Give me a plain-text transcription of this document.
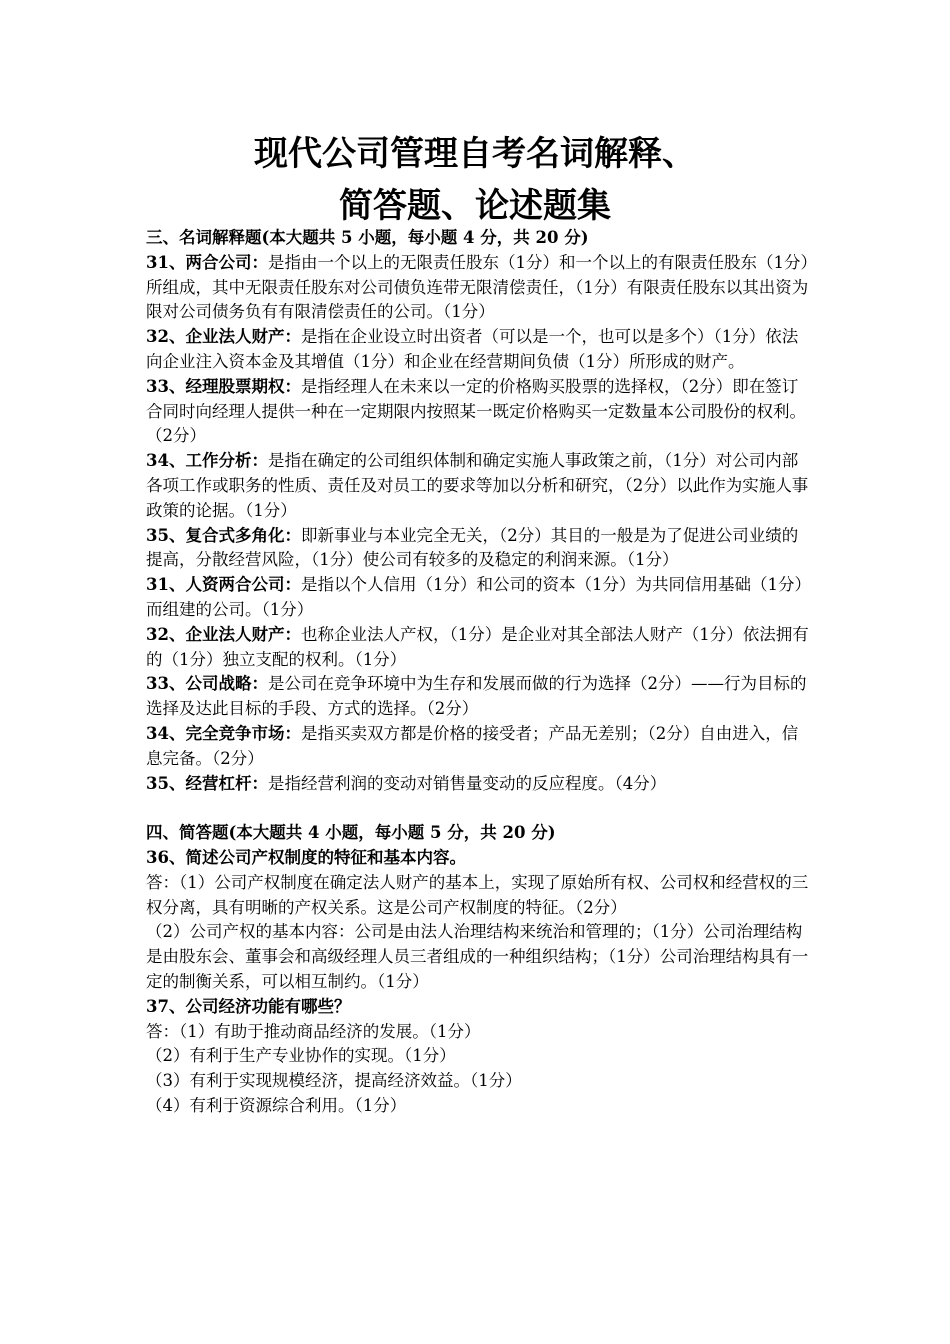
现代公司管理自考名词解释、
简答题、论述题集

三、名词解释题(本大题共 5 小题，每小题 4 分，共 20 分)

31、两合公司：是指由一个以上的无限责任股东（1分）和一个以上的有限责任股东（1分）所组成，其中无限责任股东对公司债负连带无限清偿责任，（1分）有限责任股东以其出资为限对公司债务负有有限清偿责任的公司。（1分）

32、企业法人财产：是指在企业设立时出资者（可以是一个，也可以是多个）（1分）依法向企业注入资本金及其增值（1分）和企业在经营期间负债（1分）所形成的财产。

33、经理股票期权：是指经理人在未来以一定的价格购买股票的选择权，（2分）即在签订合同时向经理人提供一种在一定期限内按照某一既定价格购买一定数量本公司股份的权利。（2分）

34、工作分析：是指在确定的公司组织体制和确定实施人事政策之前，（1分）对公司内部各项工作或职务的性质、责任及对员工的要求等加以分析和研究，（2分）以此作为实施人事政策的论据。（1分）

35、复合式多角化：即新事业与本业完全无关，（2分）其目的一般是为了促进公司业绩的提高，分散经营风险，（1分）使公司有较多的及稳定的利润来源。（1分）

31、人资两合公司：是指以个人信用（1分）和公司的资本（1分）为共同信用基础（1分）而组建的公司。（1分）

32、企业法人财产：也称企业法人产权，（1分）是企业对其全部法人财产（1分）依法拥有的（1分）独立支配的权利。（1分）

33、公司战略：是公司在竞争环境中为生存和发展而做的行为选择（2分）——行为目标的选择及达此目标的手段、方式的选择。（2分）

34、完全竞争市场：是指买卖双方都是价格的接受者；产品无差别；（2分）自由进入，信息完备。（2分）

35、经营杠杆：是指经营利润的变动对销售量变动的反应程度。（4分）

四、简答题(本大题共 4 小题，每小题 5 分，共 20 分)

36、简述公司产权制度的特征和基本内容。

答：（1）公司产权制度在确定法人财产的基本上，实现了原始所有权、公司权和经营权的三权分离，具有明晰的产权关系。这是公司产权制度的特征。（2分）

（2）公司产权的基本内容：公司是由法人治理结构来统治和管理的；（1分）公司治理结构是由股东会、董事会和高级经理人员三者组成的一种组织结构；（1分）公司治理结构具有一定的制衡关系，可以相互制约。（1分）

37、公司经济功能有哪些？

答：（1）有助于推动商品经济的发展。（1分）

（2）有利于生产专业协作的实现。（1分）

（3）有利于实现规模经济，提高经济效益。（1分）

（4）有利于资源综合利用。（1分）
